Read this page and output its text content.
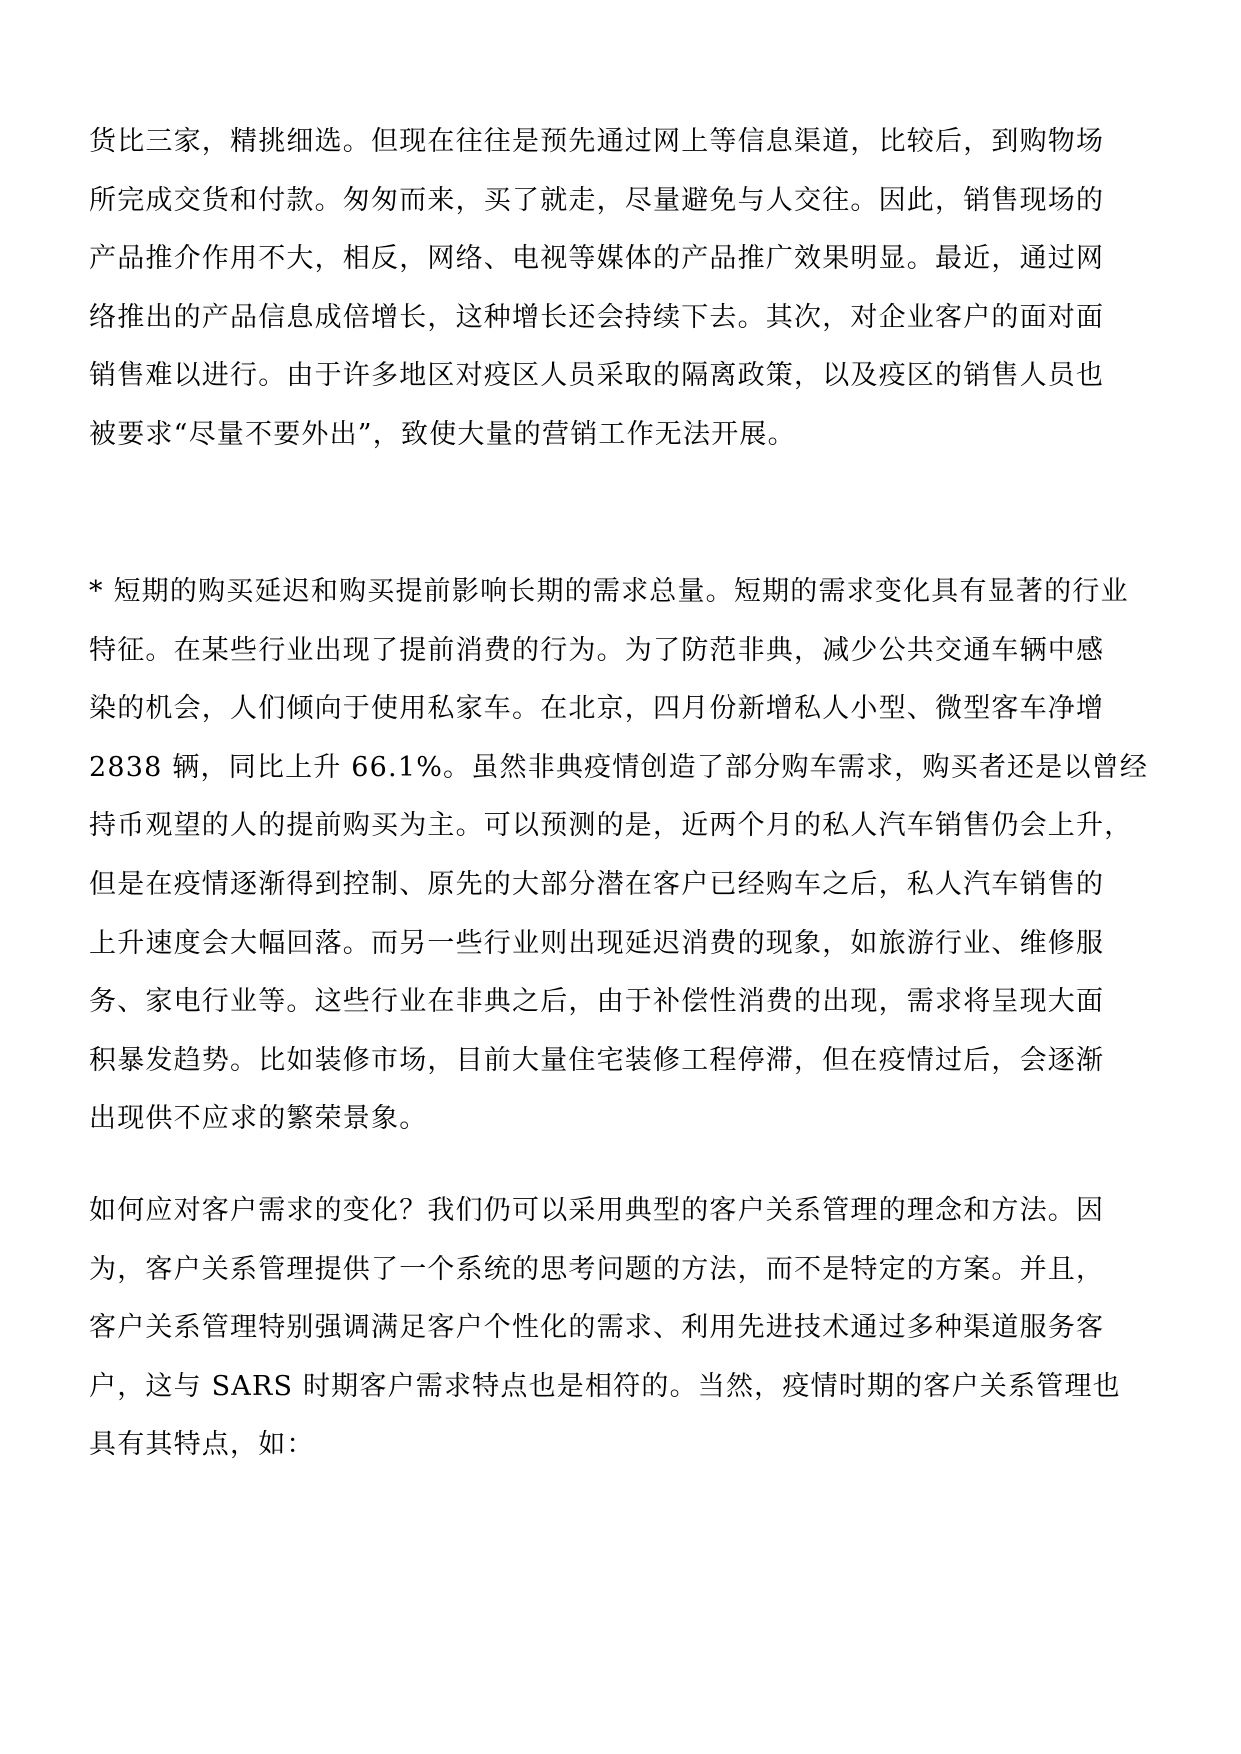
货比三家，精挑细选。但现在往往是预先通过网上等信息渠道，比较后，到购物场
所完成交货和付款。匆匆而来，买了就走，尽量避免与人交往。因此，销售现场的
产品推介作用不大，相反，网络、电视等媒体的产品推广效果明显。最近，通过网
络推出的产品信息成倍增长，这种增长还会持续下去。其次，对企业客户的面对面
销售难以进行。由于许多地区对疫区人员采取的隔离政策，以及疫区的销售人员也
被要求“尽量不要外出”，致使大量的营销工作无法开展。

* 短期的购买延迟和购买提前影响长期的需求总量。短期的需求变化具有显著的行业
特征。在某些行业出现了提前消费的行为。为了防范非典，减少公共交通车辆中感
染的机会，人们倾向于使用私家车。在北京，四月份新增私人小型、微型客车净增
2838 辆，同比上升 66.1%。虽然非典疫情创造了部分购车需求，购买者还是以曾经
持币观望的人的提前购买为主。可以预测的是，近两个月的私人汽车销售仍会上升，
但是在疫情逐渐得到控制、原先的大部分潜在客户已经购车之后，私人汽车销售的
上升速度会大幅回落。而另一些行业则出现延迟消费的现象，如旅游行业、维修服
务、家电行业等。这些行业在非典之后，由于补偿性消费的出现，需求将呈现大面
积暴发趋势。比如装修市场，目前大量住宅装修工程停滞，但在疫情过后，会逐渐
出现供不应求的繁荣景象。

如何应对客户需求的变化？我们仍可以采用典型的客户关系管理的理念和方法。因
为，客户关系管理提供了一个系统的思考问题的方法，而不是特定的方案。并且，
客户关系管理特别强调满足客户个性化的需求、利用先进技术通过多种渠道服务客
户，这与 SARS 时期客户需求特点也是相符的。当然，疫情时期的客户关系管理也
具有其特点，如：
